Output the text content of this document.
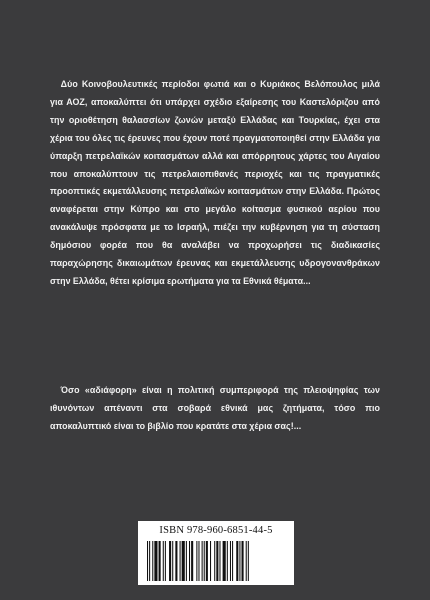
Δύο Κοινοβουλευτικές περίοδοι φωτιά και ο Κυριάκος Βελόπουλος μιλά για ΑΟΖ, αποκαλύπτει ότι υπάρχει σχέδιο εξαίρεσης του Καστελόριζου από την οριοθέτηση θαλασσίων ζωνών μεταξύ Ελλάδας και Τουρκίας, έχει στα χέρια του όλες τις έρευνες που έχουν ποτέ πραγματοποιηθεί στην Ελλάδα για ύπαρξη πετρελαϊκών κοιτασμάτων αλλά και απόρρητους χάρτες του Αιγαίου που αποκαλύπτουν τις πετρελαιοπιθανές περιοχές και τις πραγματικές προοπτικές εκμετάλλευσης πετρελαϊκών κοιτασμάτων στην Ελλάδα. Πρώτος αναφέρεται στην Κύπρο και στο μεγάλο κοίτασμα φυσικού αερίου που ανακάλυψε πρόσφατα με το Ισραήλ, πιέζει την κυβέρνηση για τη σύσταση δημόσιου φορέα που θα αναλάβει να προχωρήσει τις διαδικασίες παραχώρησης δικαιωμάτων έρευνας και εκμετάλλευσης υδρογονανθράκων στην Ελλάδα, θέτει κρίσιμα ερωτήματα για τα Εθνικά θέματα...

Όσο «αδιάφορη» είναι η πολιτική συμπεριφορά της πλειοψηφίας των ιθυνόντων απέναντι στα σοβαρά εθνικά μας ζητήματα, τόσο πιο αποκαλυπτικό είναι το βιβλίο που κρατάτε στα χέρια σας!...

ISBN 978-960-6851-44-5
